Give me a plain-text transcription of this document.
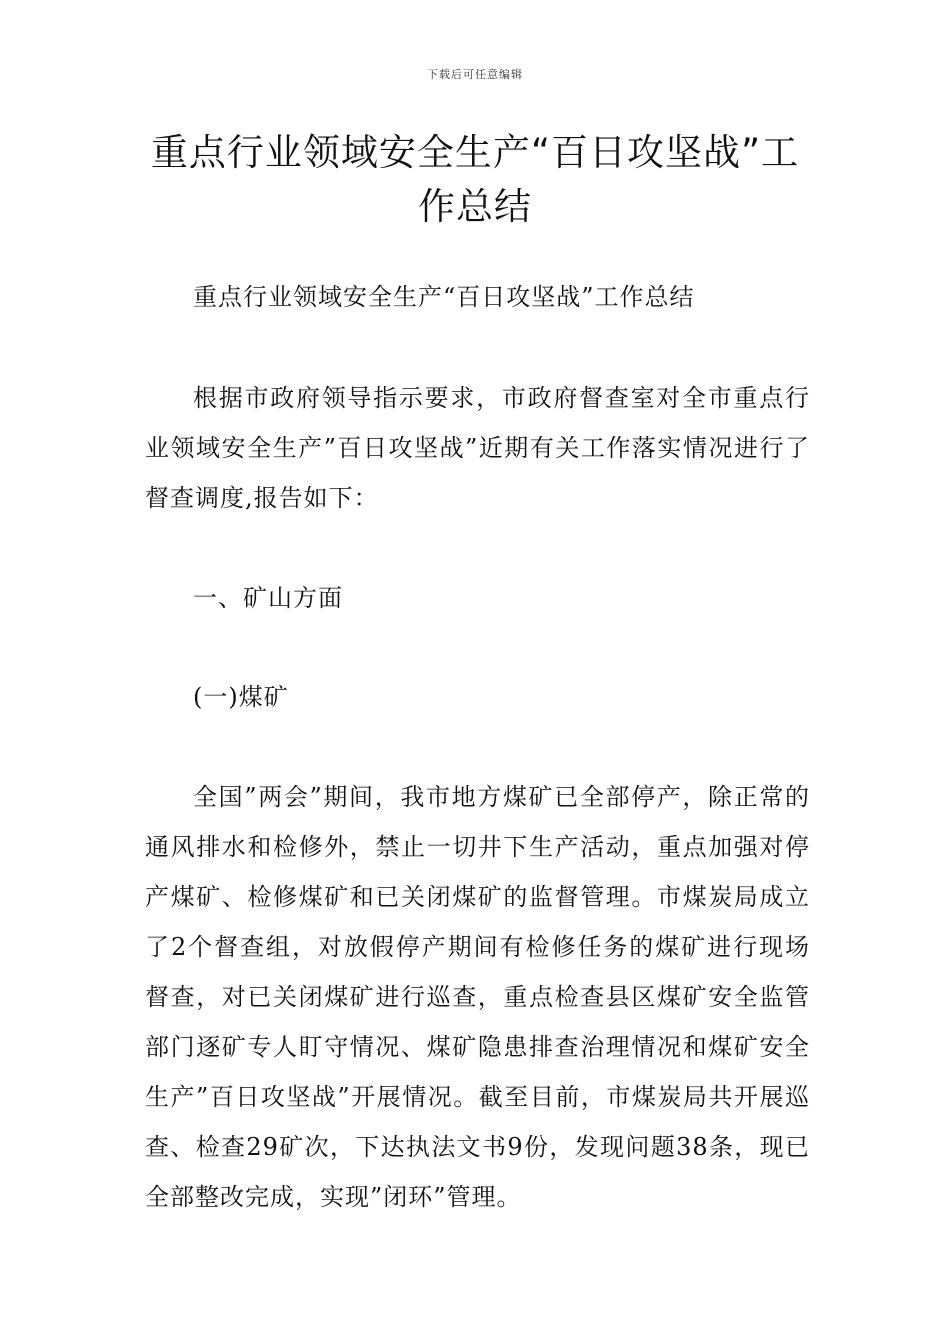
下载后可任意编辑
重点行业领域安全生产“百日攻坚战”工作总结

重点行业领域安全生产“百日攻坚战”工作总结

根据市政府领导指示要求，市政府督查室对全市重点行业领域安全生产”百日攻坚战”近期有关工作落实情况进行了督查调度,报告如下：

一、矿山方面

(一)煤矿

全国”两会”期间，我市地方煤矿已全部停产，除正常的通风排水和检修外，禁止一切井下生产活动，重点加强对停产煤矿、检修煤矿和已关闭煤矿的监督管理。市煤炭局成立了2个督查组，对放假停产期间有检修任务的煤矿进行现场督查，对已关闭煤矿进行巡查，重点检查县区煤矿安全监管部门逐矿专人盯守情况、煤矿隐患排查治理情况和煤矿安全生产”百日攻坚战”开展情况。截至目前，市煤炭局共开展巡查、检查29矿次，下达执法文书9份，发现问题38条，现已全部整改完成，实现”闭环”管理。
